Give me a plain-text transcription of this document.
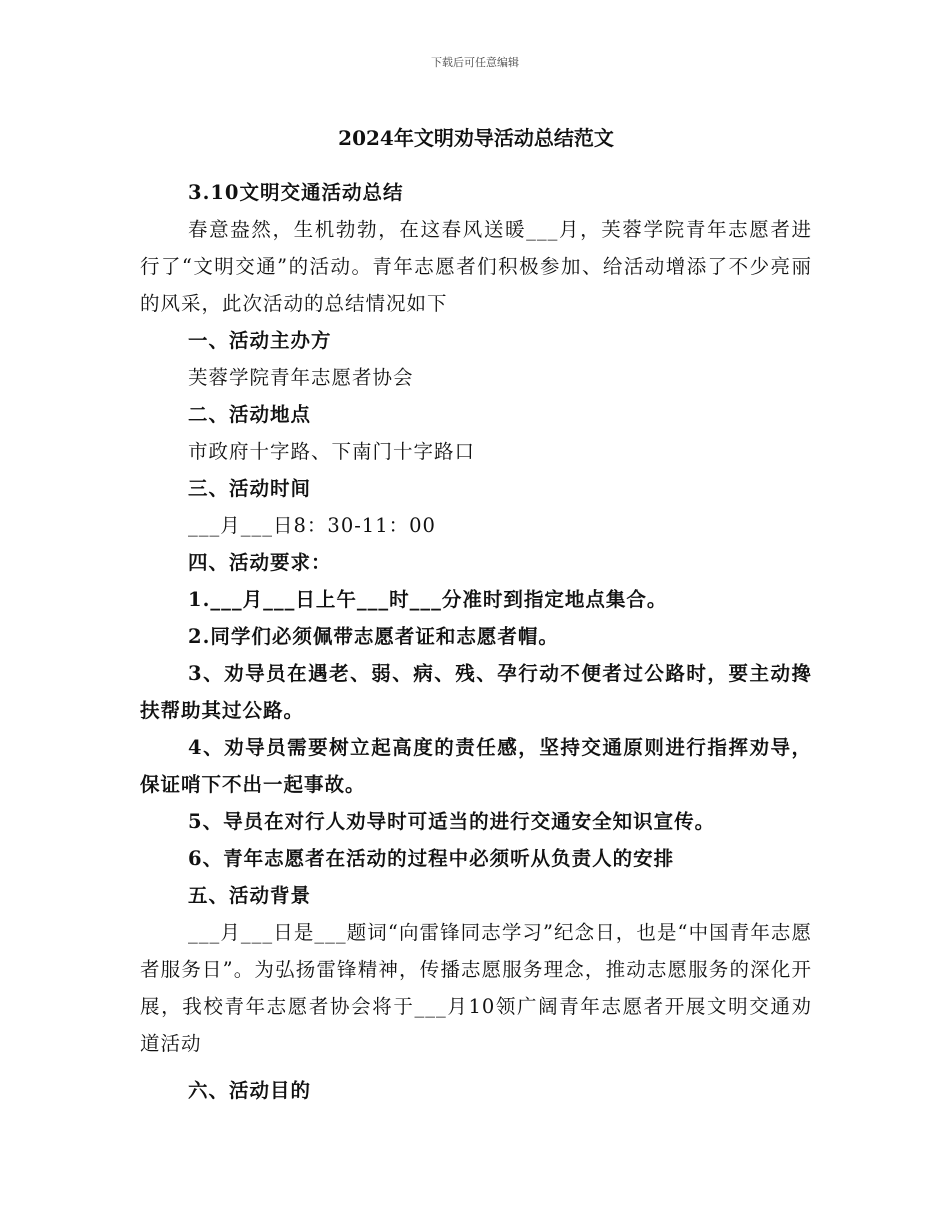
下载后可任意编辑
2024年文明劝导活动总结范文

3.10文明交通活动总结

春意盎然，生机勃勃，在这春风送暖___月，芙蓉学院青年志愿者进行了“文明交通”的活动。青年志愿者们积极参加、给活动增添了不少亮丽的风采，此次活动的总结情况如下

一、活动主办方

芙蓉学院青年志愿者协会

二、活动地点

市政府十字路、下南门十字路口

三、活动时间

___月___日8：30-11：00

四、活动要求：

1.___月___日上午___时___分准时到指定地点集合。

2.同学们必须佩带志愿者证和志愿者帽。

3、劝导员在遇老、弱、病、残、孕行动不便者过公路时，要主动搀扶帮助其过公路。

4、劝导员需要树立起高度的责任感，坚持交通原则进行指挥劝导，保证哨下不出一起事故。

5、导员在对行人劝导时可适当的进行交通安全知识宣传。

6、青年志愿者在活动的过程中必须听从负责人的安排

五、活动背景

___月___日是___题词“向雷锋同志学习”纪念日，也是“中国青年志愿者服务日”。为弘扬雷锋精神，传播志愿服务理念，推动志愿服务的深化开展，我校青年志愿者协会将于___月10领广阔青年志愿者开展文明交通劝道活动

六、活动目的
